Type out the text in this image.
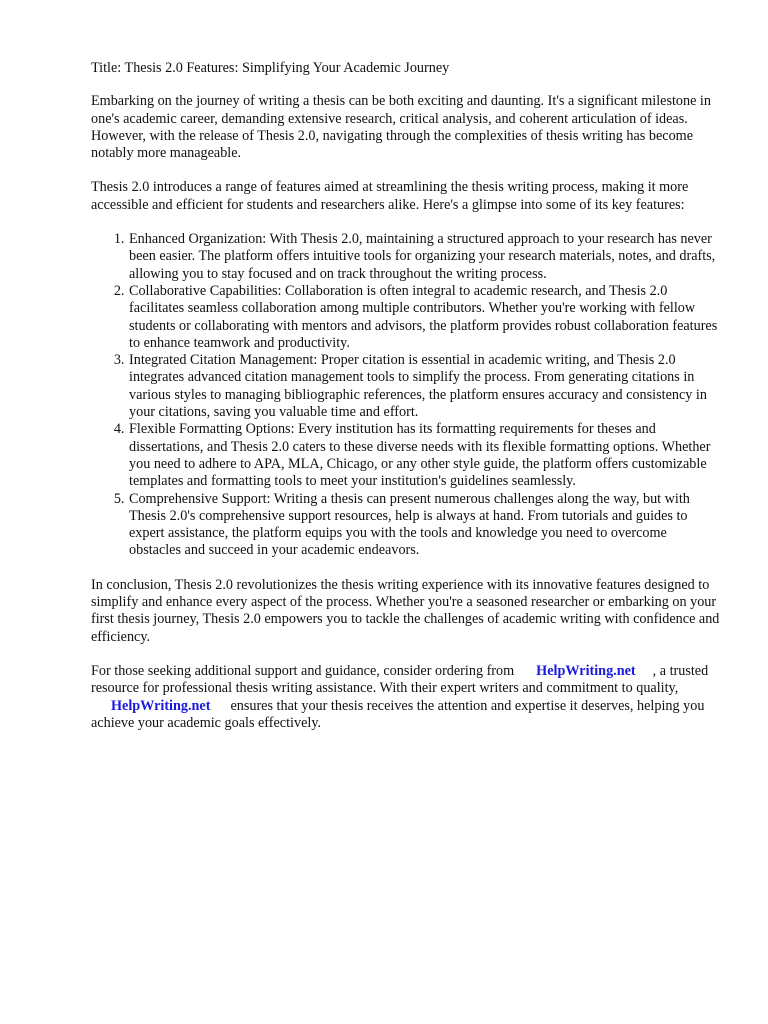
Title: Thesis 2.0 Features: Simplifying Your Academic Journey

Embarking on the journey of writing a thesis can be both exciting and daunting. It's a significant milestone in one's academic career, demanding extensive research, critical analysis, and coherent articulation of ideas. However, with the release of Thesis 2.0, navigating through the complexities of thesis writing has become notably more manageable.

Thesis 2.0 introduces a range of features aimed at streamlining the thesis writing process, making it more accessible and efficient for students and researchers alike. Here's a glimpse into some of its key features:

1. Enhanced Organization: With Thesis 2.0, maintaining a structured approach to your research has never been easier. The platform offers intuitive tools for organizing your research materials, notes, and drafts, allowing you to stay focused and on track throughout the writing process.
2. Collaborative Capabilities: Collaboration is often integral to academic research, and Thesis 2.0 facilitates seamless collaboration among multiple contributors. Whether you're working with fellow students or collaborating with mentors and advisors, the platform provides robust collaboration features to enhance teamwork and productivity.
3. Integrated Citation Management: Proper citation is essential in academic writing, and Thesis 2.0 integrates advanced citation management tools to simplify the process. From generating citations in various styles to managing bibliographic references, the platform ensures accuracy and consistency in your citations, saving you valuable time and effort.
4. Flexible Formatting Options: Every institution has its formatting requirements for theses and dissertations, and Thesis 2.0 caters to these diverse needs with its flexible formatting options. Whether you need to adhere to APA, MLA, Chicago, or any other style guide, the platform offers customizable templates and formatting tools to meet your institution's guidelines seamlessly.
5. Comprehensive Support: Writing a thesis can present numerous challenges along the way, but with Thesis 2.0's comprehensive support resources, help is always at hand. From tutorials and guides to expert assistance, the platform equips you with the tools and knowledge you need to overcome obstacles and succeed in your academic endeavors.

In conclusion, Thesis 2.0 revolutionizes the thesis writing experience with its innovative features designed to simplify and enhance every aspect of the process. Whether you're a seasoned researcher or embarking on your first thesis journey, Thesis 2.0 empowers you to tackle the challenges of academic writing with confidence and efficiency.

For those seeking additional support and guidance, consider ordering from HelpWriting.net , a trusted resource for professional thesis writing assistance. With their expert writers and commitment to quality,HelpWriting.net ensures that your thesis receives the attention and expertise it deserves, helping you achieve your academic goals effectively.
